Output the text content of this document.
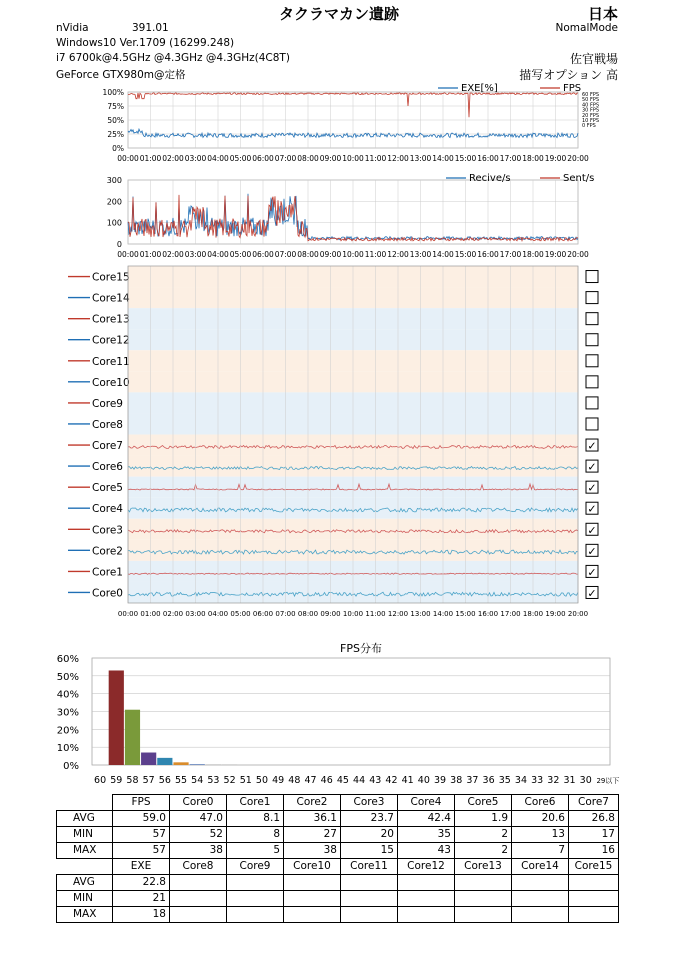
タクラマカン遺跡	日本
NomalMode
nVidia	391.01
Windows10 Ver.1709 (16299.248)
i7 6700k@4.5GHz @4.3GHz @4.3GHz(4C8T)
GeForce GTX980m@定格
佐官戦場
描写オプション 高
00:00 01:00 02:00 03:00 04:00 05:00 06:00 07:00 08:00 09:00 10:00 11:00 12:00 13:00 14:00 15:00 16:00 17:00 18:00 19:00 20:00
100%
75%
50%
25%
0%
60 FPS
50 FPS
40 FPS
30 FPS
20 FPS
10 FPS
0 FPS
EXE[%]	FPS
00:00 01:00 02:00 03:00 04:00 05:00 06:00 07:00 08:00 09:00 10:00 11:00 12:00 13:00 14:00 15:00 16:00 17:00 18:00 19:00 20:00
300
200
100
0
Recive/s	Sent/s
Core15
Core14
Core13
Core12
Core11
Core10
Core9
Core8
Core7	✓
Core6	✓
Core5	✓
Core4	✓
Core3	✓
Core2	✓
Core1	✓
Core0	✓
00:00 01:00 02:00 03:00 04:00 05:00 06:00 07:00 08:00 09:00 10:00 11:00 12:00 13:00 14:00 15:00 16:00 17:00 18:00 19:00 20:00
FPS分布
60%
50%
40%
30%
20%
10%
0%
60 59 58 57 56 55 54 53 52 51 50 49 48 47 46 45 44 43 42 41 40 39 38 37 36 35 34 33 32 31 30 29以下
	FPS	Core0	Core1	Core2	Core3	Core4	Core5	Core6	Core7
AVG	59.0	47.0	8.1	36.1	23.7	42.4	1.9	20.6	26.8
MIN	57	52	8	27	20	35	2	13	17
MAX	57	38	5	38	15	43	2	7	16
	EXE	Core8	Core9	Core10	Core11	Core12	Core13	Core14	Core15
AVG	22.8								
MIN	21								
MAX	18								
